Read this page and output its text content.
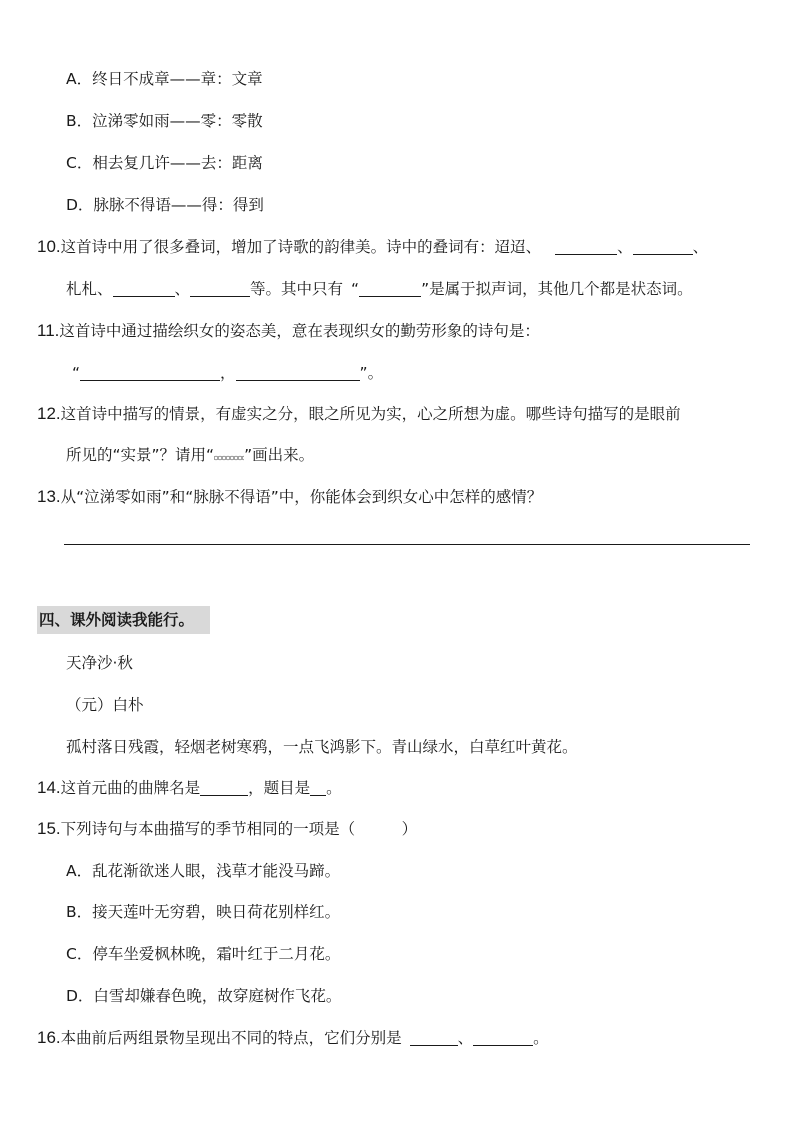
A．终日不成章——章：文章
B．泣涕零如雨——零：零散
C．相去复几许——去：距离
D．脉脉不得语——得：得到
10.这首诗中用了很多叠词，增加了诗歌的韵律美。诗中的叠词有：迢迢、	、	、
札札、	、	等。其中只有 “	”是属于拟声词，其他几个都是状态词。
11.这首诗中通过描绘织女的姿态美，意在表现织女的勤劳形象的诗句是：
“	，	”。
12.这首诗中描写的情景，有虚实之分，眼之所见为实，心之所想为虚。哪些诗句描写的是眼前
所见的“实景”？请用“ ”画出来。
13.从“泣涕零如雨”和“脉脉不得语”中，你能体会到织女心中怎样的感情？
四、课外阅读我能行。
天净沙·秋
（元）白朴
孤村落日残霞，轻烟老树寒鸦，一点飞鸿影下。青山绿水，白草红叶黄花。
14.这首元曲的曲牌名是	，题目是 。
15.下列诗句与本曲描写的季节相同的一项是（　　　）
A．乱花渐欲迷人眼，浅草才能没马蹄。
B．接天莲叶无穷碧，映日荷花别样红。
C．停车坐爱枫林晚，霜叶红于二月花。
D．白雪却嫌春色晚，故穿庭树作飞花。
16.本曲前后两组景物呈现出不同的特点，它们分别是	、	。
